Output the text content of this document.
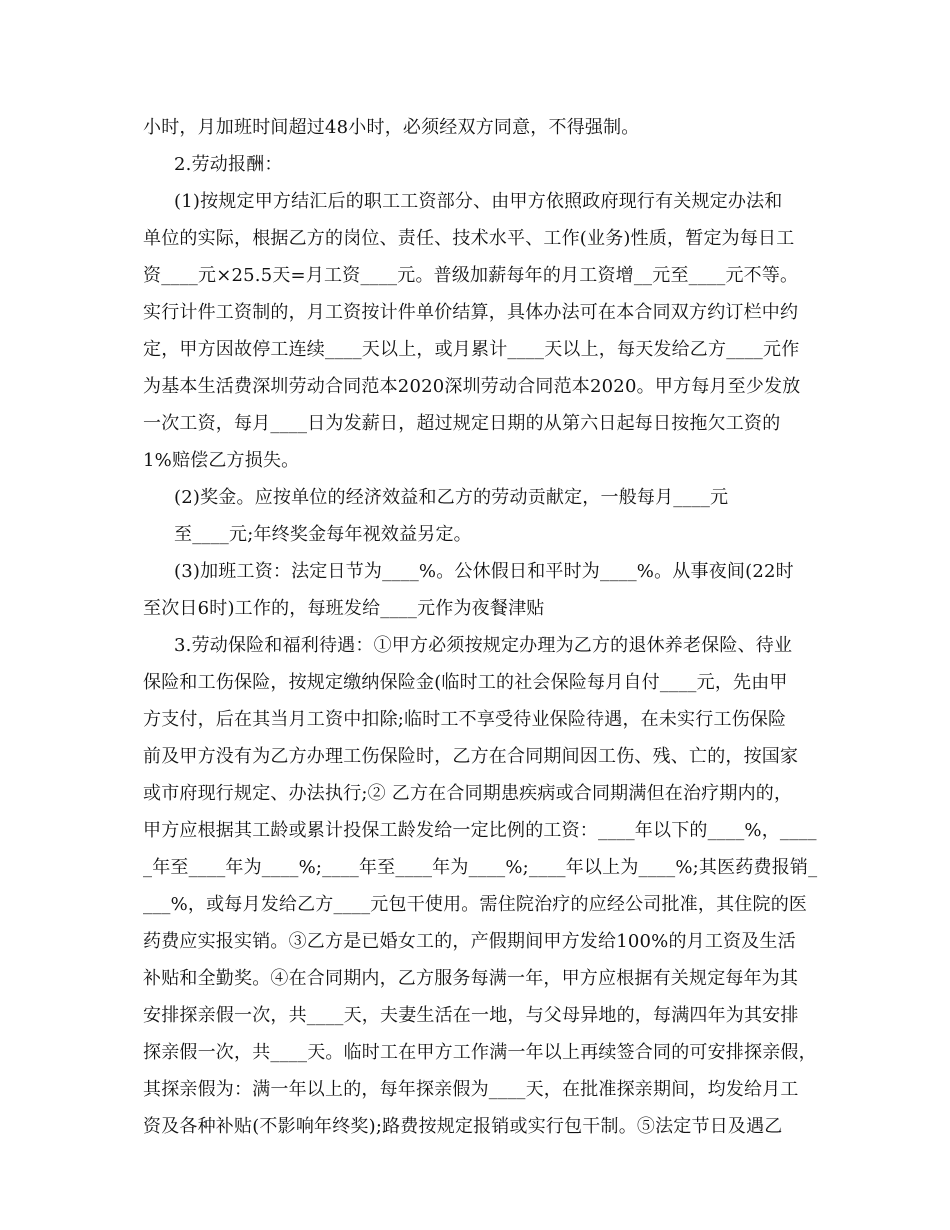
小时，月加班时间超过48小时，必须经双方同意，不得强制。
2.劳动报酬：
(1)按规定甲方结汇后的职工工资部分、由甲方依照政府现行有关规定办法和
单位的实际，根据乙方的岗位、责任、技术水平、工作(业务)性质，暂定为每日工
资____元×25.5天=月工资____元。普级加薪每年的月工资增__元至____元不等。
实行计件工资制的，月工资按计件单价结算，具体办法可在本合同双方约订栏中约
定，甲方因故停工连续____天以上，或月累计____天以上，每天发给乙方____元作
为基本生活费深圳劳动合同范本2020深圳劳动合同范本2020。甲方每月至少发放
一次工资，每月____日为发薪日，超过规定日期的从第六日起每日按拖欠工资的
1%赔偿乙方损失。
(2)奖金。应按单位的经济效益和乙方的劳动贡献定，一般每月____元
至____元;年终奖金每年视效益另定。
(3)加班工资：法定日节为____%。公休假日和平时为____%。从事夜间(22时
至次日6时)工作的，每班发给____元作为夜餐津贴
3.劳动保险和福利待遇：①甲方必须按规定办理为乙方的退休养老保险、待业
保险和工伤保险，按规定缴纳保险金(临时工的社会保险每月自付____元，先由甲
方支付，后在其当月工资中扣除;临时工不享受待业保险待遇，在未实行工伤保险
前及甲方没有为乙方办理工伤保险时，乙方在合同期间因工伤、残、亡的，按国家
或市府现行规定、办法执行;② 乙方在合同期患疾病或合同期满但在治疗期内的，
甲方应根据其工龄或累计投保工龄发给一定比例的工资：____年以下的____%，____
_年至____年为____%;____年至____年为____%;____年以上为____%;其医药费报销_
___%，或每月发给乙方____元包干使用。需住院治疗的应经公司批准，其住院的医
药费应实报实销。③乙方是已婚女工的，产假期间甲方发给100%的月工资及生活
补贴和全勤奖。④在合同期内，乙方服务每满一年，甲方应根据有关规定每年为其
安排探亲假一次，共____天，夫妻生活在一地，与父母异地的，每满四年为其安排
探亲假一次，共____天。临时工在甲方工作满一年以上再续签合同的可安排探亲假，
其探亲假为：满一年以上的，每年探亲假为____天，在批准探亲期间，均发给月工
资及各种补贴(不影响年终奖);路费按规定报销或实行包干制。⑤法定节日及遇乙
